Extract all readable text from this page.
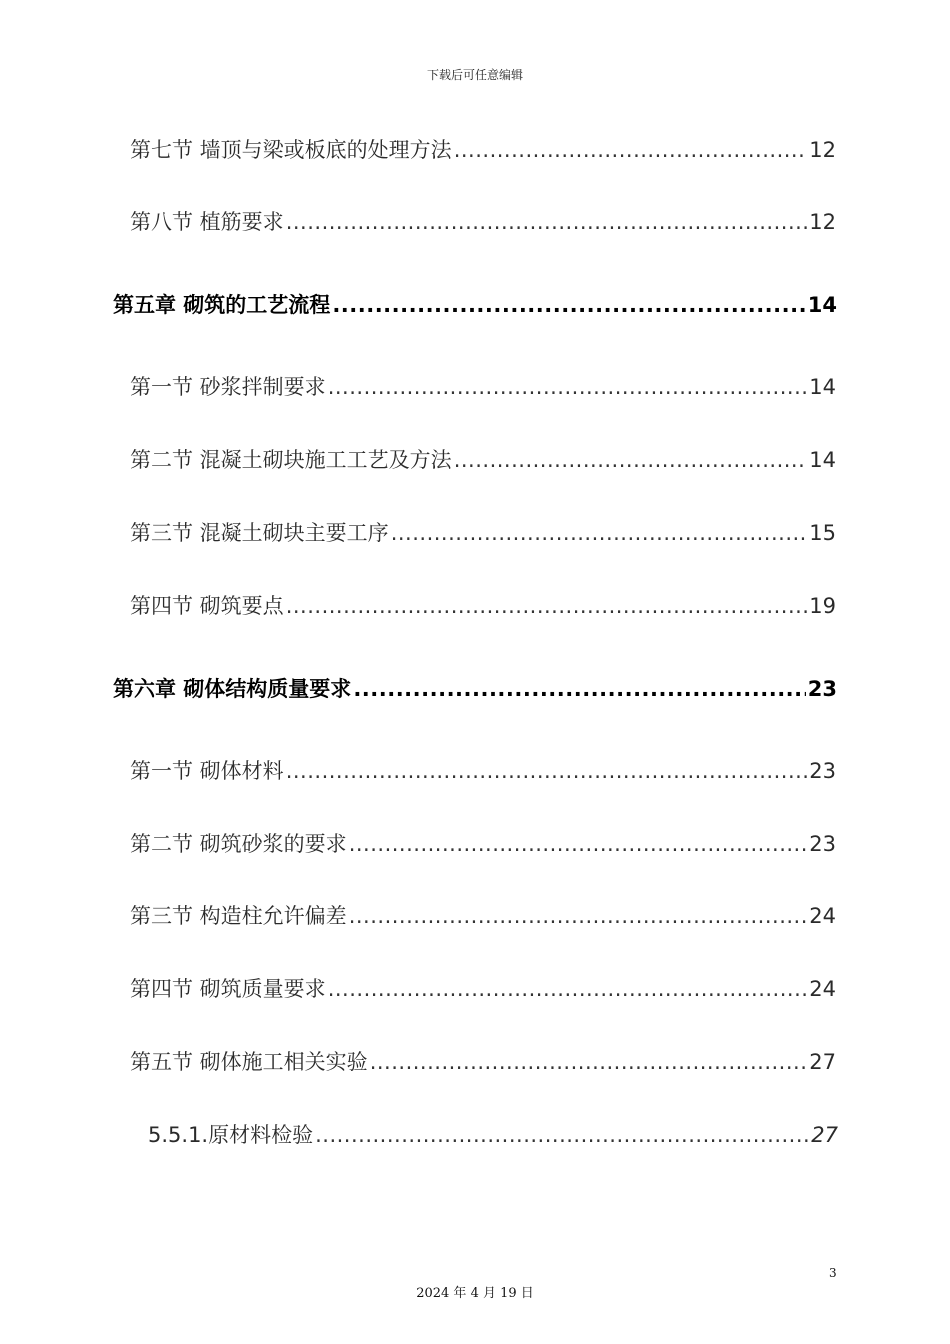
下载后可任意编辑
第七节 墙顶与梁或板底的处理方法 .....	12
第八节 植筋要求 .....	12
第五章 砌筑的工艺流程 .....	14
第一节 砂浆拌制要求 .....	14
第二节 混凝土砌块施工工艺及方法 .....	14
第三节 混凝土砌块主要工序 .....	15
第四节 砌筑要点 .....	19
第六章 砌体结构质量要求 .....	23
第一节 砌体材料 .....	23
第二节 砌筑砂浆的要求 .....	23
第三节 构造柱允许偏差 .....	24
第四节 砌筑质量要求 .....	24
第五节 砌体施工相关实验 .....	27
5.5.1.原材料检验 .....	27
3
2024 年 4 月 19 日
